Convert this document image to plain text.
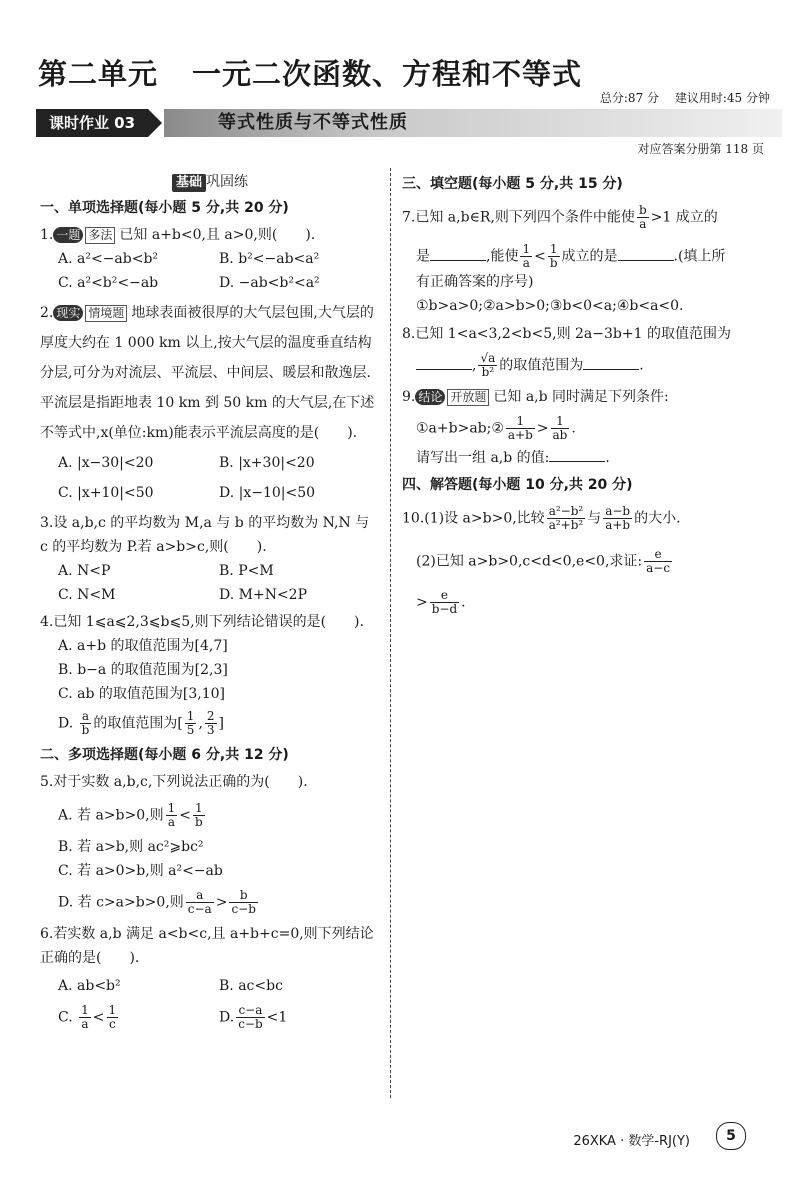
第二单元 一元二次函数、方程和不等式
总分:87 分 建议用时:45 分钟
课时作业 03	等式性质与不等式性质
对应答案分册第 118 页
基础 巩固练
一、单项选择题(每小题 5 分,共 20 分)
1. 一题 多法 已知 a+b<0,且 a>0,则(　　).
A. a²<−ab<b²	B. b²<−ab<a²
C. a²<b²<−ab	D. −ab<b²<a²
2. 现实 情境题 地球表面被很厚的大气层包围,大气层的厚度大约在 1 000 km 以上,按大气层的温度垂直结构分层,可分为对流层、平流层、中间层、暖层和散逸层.平流层是指距地表 10 km 到 50 km 的大气层,在下述不等式中,x(单位:km)能表示平流层高度的是(　　).
A. |x−30|<20	B. |x+30|<20
C. |x+10|<50	D. |x−10|<50
3.设 a,b,c 的平均数为 M,a 与 b 的平均数为 N,N 与 c 的平均数为 P.若 a>b>c,则(　　).
A. N<P	B. P<M
C. N<M	D. M+N<2P
4.已知 1⩽a⩽2,3⩽b⩽5,则下列结论错误的是(　　).
A. a+b 的取值范围为[4,7]
B. b−a 的取值范围为[2,3]
C. ab 的取值范围为[3,10]
D. $\frac{a}{b}$ 的取值范围为[ $\frac{1}{5}$ , $\frac{2}{3}$ ]
二、多项选择题(每小题 6 分,共 12 分)
5.对于实数 a,b,c,下列说法正确的为(　　).
A. 若 a>b>0,则 $\frac{1}{a} < \frac{1}{b}$
B. 若 a>b,则 ac²⩾bc²
C. 若 a>0>b,则 a²<−ab
D. 若 c>a>b>0,则 $\frac{a}{c-a} > \frac{b}{c-b}$
6.若实数 a,b 满足 a<b<c,且 a+b+c=0,则下列结论正确的是(　　).
A. ab<b²	B. ac<bc
C. $\frac{1}{a} < \frac{1}{c}$	D. $\frac{c-a}{c-b} <1$
三、填空题(每小题 5 分,共 15 分)
7.已知 a,b∈R,则下列四个条件中能使 $\frac{b}{a} >1$ 成立的
是	,能使 $\frac{1}{a} < \frac{1}{b}$ 成立的是	.(填上所
有正确答案的序号)
①b>a>0;②a>b>0;③b<0<a;④b<a<0.
8.已知 1<a<3,2<b<5,则 2a−3b+1 的取值范围为
, $\frac{√a}{\text{b²}}$ 的取值范围为	.
9. 结论 开放题 已知 a,b 同时满足下列条件:
①a+b>ab;② $\frac{1}{a+b} > \frac{1}{ab}$ .
请写出一组 a,b 的值:	.
四、解答题(每小题 10 分,共 20 分)
10.(1)设 a>b>0,比较 $\frac{\text{a²−b²}}{\text{a²+b²}}$ 与 $\frac{a-b}{a+b}$ 的大小.
(2)已知 a>b>0,c<d<0,e<0,求证: $\frac{e}{a-c}$
> $\frac{e}{b-d}$ .
26XKA · 数学-RJ(Y)	5
